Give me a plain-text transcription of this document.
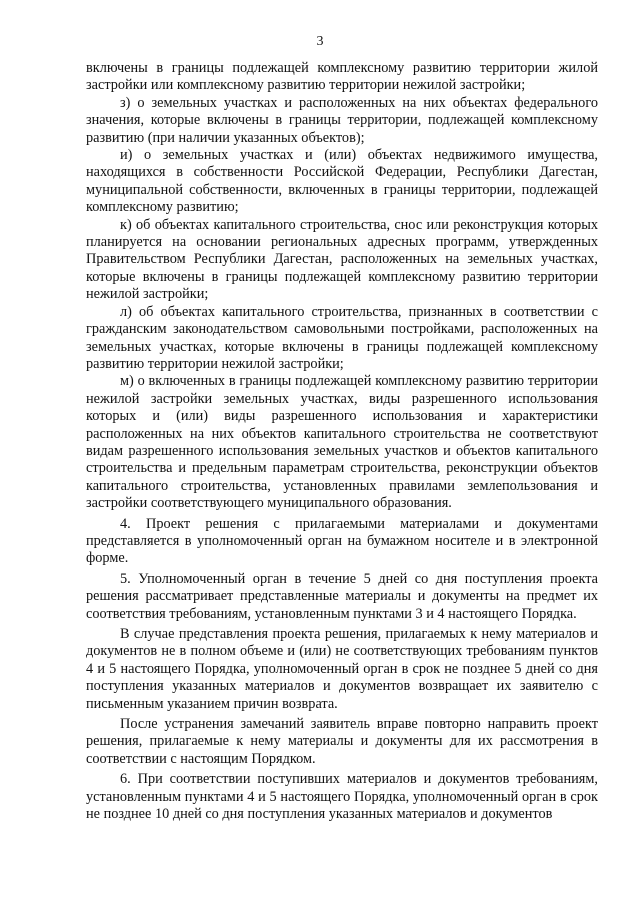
3

включены в границы подлежащей комплексному развитию территории жилой застройки или комплексному развитию территории нежилой застройки;

з) о земельных участках и расположенных на них объектах федерального значения, которые включены в границы территории, подлежащей комплексному развитию (при наличии указанных объектов);

и) о земельных участках и (или) объектах недвижимого имущества, находящихся в собственности Российской Федерации, Республики Дагестан, муниципальной собственности, включенных в границы территории, подлежащей комплексному развитию;

к) об объектах капитального строительства, снос или реконструкция которых планируется на основании региональных адресных программ, утвержденных Правительством Республики Дагестан, расположенных на земельных участках, которые включены в границы подлежащей комплексному развитию территории нежилой застройки;

л) об объектах капитального строительства, признанных в соответствии с гражданским законодательством самовольными постройками, расположенных на земельных участках, которые включены в границы подлежащей комплексному развитию территории нежилой застройки;

м) о включенных в границы подлежащей комплексному развитию территории нежилой застройки земельных участках, виды разрешенного использования которых и (или) виды разрешенного использования и характеристики расположенных на них объектов капитального строительства не соответствуют видам разрешенного использования земельных участков и объектов капитального строительства и предельным параметрам строительства, реконструкции объектов капитального строительства, установленных правилами землепользования и застройки соответствующего муниципального образования.

4. Проект решения с прилагаемыми материалами и документами представляется в уполномоченный орган на бумажном носителе и в электронной форме.

5. Уполномоченный орган в течение 5 дней со дня поступления проекта решения рассматривает представленные материалы и документы на предмет их соответствия требованиям, установленным пунктами 3 и 4 настоящего Порядка.

В случае представления проекта решения, прилагаемых к нему материалов и документов не в полном объеме и (или) не соответствующих требованиям пунктов 4 и 5 настоящего Порядка, уполномоченный орган в срок не позднее 5 дней со дня поступления указанных материалов и документов возвращает их заявителю с письменным указанием причин возврата.

После устранения замечаний заявитель вправе повторно направить проект решения, прилагаемые к нему материалы и документы для их рассмотрения в соответствии с настоящим Порядком.

6. При соответствии поступивших материалов и документов требованиям, установленным пунктами 4 и 5 настоящего Порядка, уполномоченный орган в срок не позднее 10 дней со дня поступления указанных материалов и документов
